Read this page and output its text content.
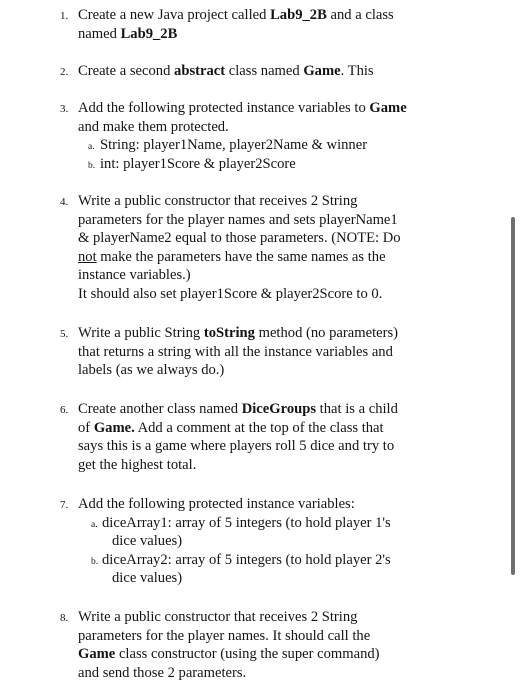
1. Create a new Java project called Lab9_2B and a class
named Lab9_2B
2. Create a second abstract class named Game. This
3. Add the following protected instance variables to Game
and make them protected.
a. String: player1Name, player2Name & winner
b. int: player1Score & player2Score
4. Write a public constructor that receives 2 String
parameters for the player names and sets playerName1
& playerName2 equal to those parameters. (NOTE: Do
not make the parameters have the same names as the
instance variables.)
It should also set player1Score & player2Score to 0.
5. Write a public String toString method (no parameters)
that returns a string with all the instance variables and
labels (as we always do.)
6. Create another class named DiceGroups that is a child
of Game. Add a comment at the top of the class that
says this is a game where players roll 5 dice and try to
get the highest total.
7. Add the following protected instance variables:
a. diceArray1: array of 5 integers (to hold player 1's
dice values)
b. diceArray2: array of 5 integers (to hold player 2's
dice values)
8. Write a public constructor that receives 2 String
parameters for the player names. It should call the
Game class constructor (using the super command)
and send those 2 parameters.
